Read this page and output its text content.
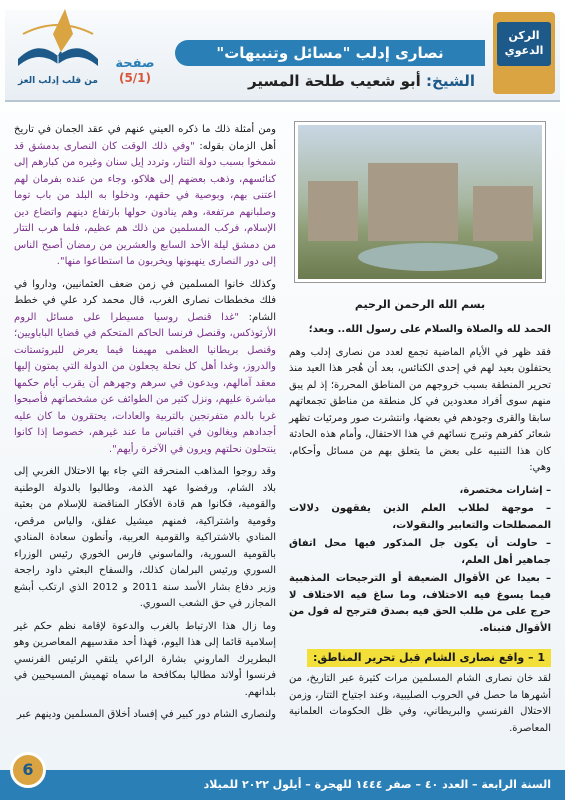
الركن
الدعوي
نصارى إدلب "مسائل وتنبيهات"
الشيخ: أبو شعيب طلحة المسير
صفحة
(5/1)
من قلب إدلب العز
بسم الله الرحمن الرحيم
الحمد لله والصلاة والسلام على رسول الله.. وبعد؛
فقد ظهر في الأيام الماضية تجمع لعدد من نصارى إدلب وهم يحتفلون بعيد لهم في إحدى الكنائس، بعد أن هُجر هذا العيد منذ تحرير المنطقة بسبب خروجهم من المناطق المحررة؛ إذ لم يبق منهم سوى أفراد معدودين في كل منطقة من مناطق تجمعاتهم سابقا والقرى وجودهم في بعضها، وانتشرت صور ومرئيات تظهر شعائر كفرهم وتبرج نسائهم في هذا الاحتفال، وأمام هذه الحادثة كان هذا التنبيه على بعض ما يتعلق بهم من مسائل وأحكام، وهي:
– إشارات مختصرة،
– موجهة لطلاب العلم الذين يفقهون دلالات المصطلحات والتعابير والنقولات،
– حاولت أن يكون جل المذكور فيها محل اتفاق جماهير أهل العلم،
– بعيدا عن الأقوال الضعيفة أو الترجيحات المذهبية فيما يسوغ فيه الاختلاف، وما ساغ فيه الاختلاف لا حرج على من طلب الحق فيه بصدق فترجح له قول من الأقوال فتبناه.
1 – واقع نصارى الشام قبل تحرير المناطق:
لقد خان نصارى الشام المسلمين مرات كثيرة عبر التاريخ، من أشهرها ما حصل في الحروب الصليبية، وعند اجتياح التتار، وزمن الاحتلال الفرنسي والبريطاني، وفي ظل الحكومات العلمانية المعاصرة.
ومن أمثلة ذلك ما ذكره العيني عنهم في عقد الجمان في تاريخ أهل الزمان بقوله: "وفي ذلك الوقت كان النصارى بدمشق قد شمخوا بسبب دولة التتار، وتردد إيل سنان وغيره من كبارهم إلى كنائسهم، وذهب بعضهم إلى هلاكو، وجاء من عنده بفرمان لهم اعتنى بهم، وبوصية في حقهم، ودخلوا به البلد من باب توما وصلبانهم مرتفعة، وهم ينادون حولها بارتفاع دينهم واتضاع دين الإسلام، فركب المسلمين من ذلك هم عظيم، فلما هرب التتار من دمشق ليلة الأحد السابع والعشرين من رمضان أصبح الناس إلى دور النصارى ينهبونها ويخربون ما استطاعوا منها".
وكذلك خانوا المسلمين في زمن ضعف العثمانيين، وداروا في فلك مخططات نصارى الغرب، قال محمد كرد علي في خطط الشام: "غدا قنصل روسيا مسيطرا على مسائل الروم الأرثوذكس، وقنصل فرنسا الحاكم المتحكم في قضايا الباباويين؛ وقنصل بريطانيا العظمى مهيمنا فيما يعرض للبروتستانت والدروز، وغدا أهل كل نحلة يجعلون من الدولة التي يمتون إليها معقد آمالهم، ويدعون في سرهم وجهرهم أن يقرب أيام حكمها مباشرة عليهم، ونزل كثير من الطوائف عن مشخصاتهم فأصبحوا غربا بالدم متفرنجين بالتربية والعادات، يحتقرون ما كان عليه أجدادهم ويغالون في اقتباس ما عند غيرهم، خصوصا إذا كانوا ينتحلون نحلتهم ويرون في الآخرة رأيهم".
وقد روجوا المذاهب المنحرفة التي جاء بها الاحتلال الغربي إلى بلاد الشام، ورفضوا عهد الذمة، وطالبوا بالدولة الوطنية والقومية، فكانوا هم قادة الأفكار المناقضة للإسلام من بعثية وقومية واشتراكية، فمنهم ميشيل عفلق، والياس مرقص، المنادي بالاشتراكية والقومية العربية، وأنطون سعادة المنادي بالقومية السورية، والماسوني فارس الخوري رئيس الوزراء السوري ورئيس البرلمان كذلك، والسفاح البعثي داود راجحة وزير دفاع بشار الأسد سنة 2011 و 2012 الذي ارتكب أبشع المجازر في حق الشعب السوري.
وما زال هذا الارتباط بالغرب والدعوة لإقامة نظم حكم غير إسلامية قائما إلى هذا اليوم، فهذا أحد مقدسيهم المعاصرين وهو البطريرك الماروني بشارة الراعي يلتقي الرئيس الفرنسي فرنسوا أولاند مطالبا بمكافحة ما سماه تهميش المسيحيين في بلدانهم.
ولنصارى الشام دور كبير في إفساد أخلاق المسلمين ودينهم عبر
السنة الرابعة – العدد ٤٠ – صفر ١٤٤٤ للهجرة – أيلول ٢٠٢٢ للميلاد
6
